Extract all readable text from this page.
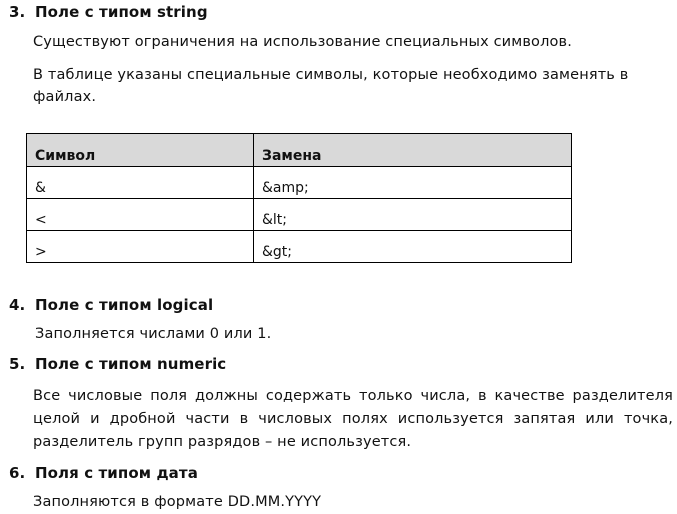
3. Поле с типом string
Существуют ограничения на использование специальных символов.
В таблице указаны специальные символы, которые необходимо заменять в
файлах.
Символ	Замена
&	&amp;
<	&lt;
>	&gt;
4. Поле с типом logical
Заполняется числами 0 или 1.
5. Поле с типом numeric
Все числовые поля должны содержать только числа, в качестве разделителя целой и дробной части в числовых полях используется запятая или точка, разделитель групп разрядов – не используется.
6. Поля с типом дата
Заполняются в формате DD.MM.YYYY
